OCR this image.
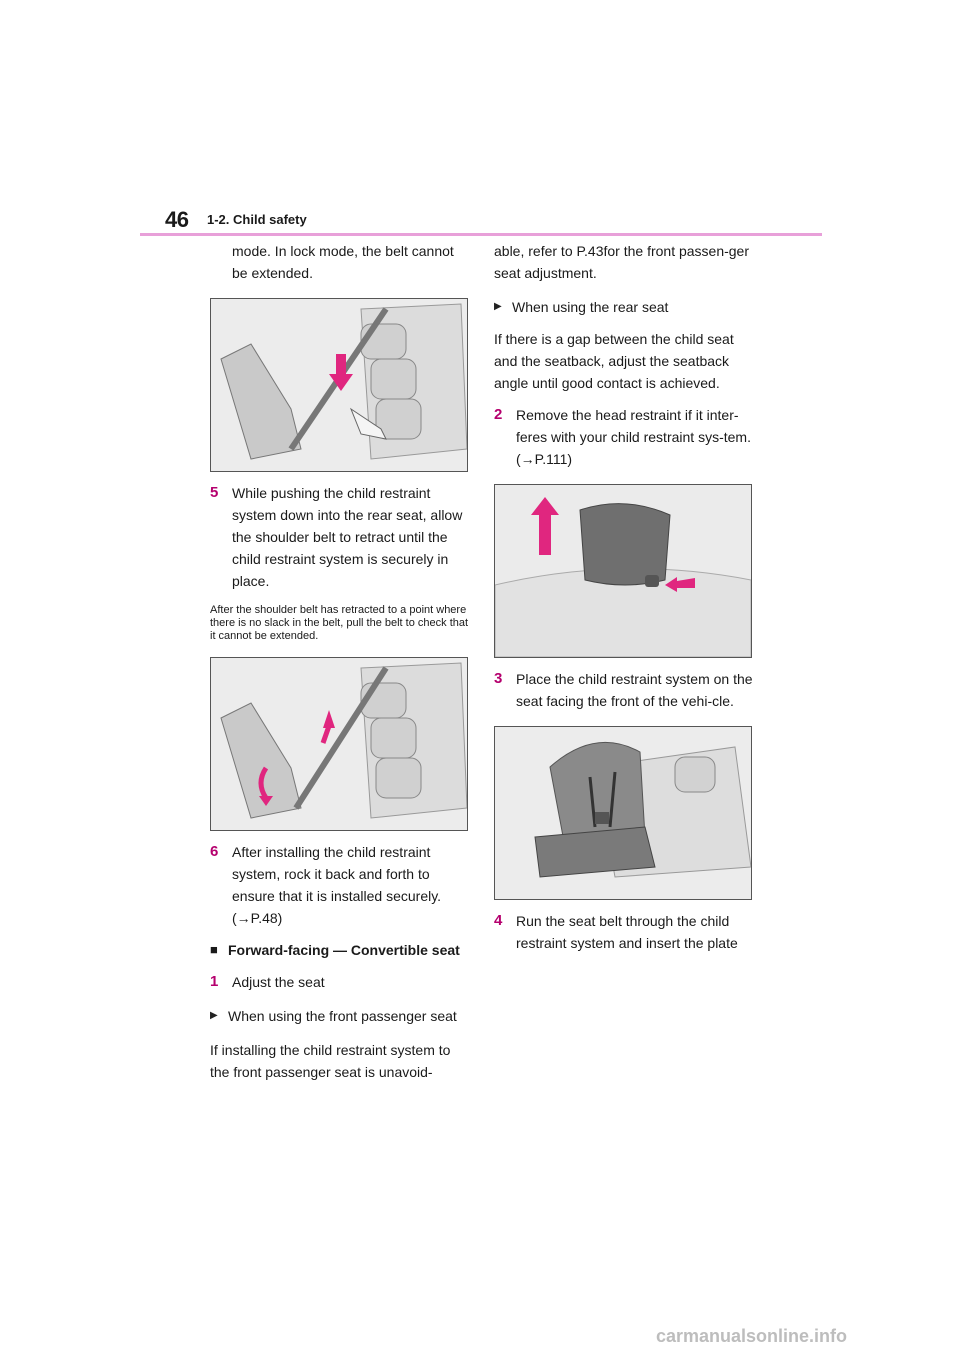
46 1-2. Child safety

mode. In lock mode, the belt cannot be extended.

5 While pushing the child restraint system down into the rear seat, allow the shoulder belt to retract until the child restraint system is securely in place.

After the shoulder belt has retracted to a point where there is no slack in the belt, pull the belt to check that it cannot be extended.

6 After installing the child restraint system, rock it back and forth to ensure that it is installed securely. (→P.48)
■ Forward-facing — Convertible seat
1 Adjust the seat
▶ When using the front passenger seat

If installing the child restraint system to the front passenger seat is unavoid-

able, refer to P.43for the front passen-ger seat adjustment.

▶ When using the rear seat

If there is a gap between the child seat and the seatback, adjust the seatback angle until good contact is achieved.

2 Remove the head restraint if it inter-feres with your child restraint sys-tem. (→P.111)
3 Place the child restraint system on the seat facing the front of the vehi-cle.
4 Run the seat belt through the child restraint system and insert the plate
carmanualsonline.info
